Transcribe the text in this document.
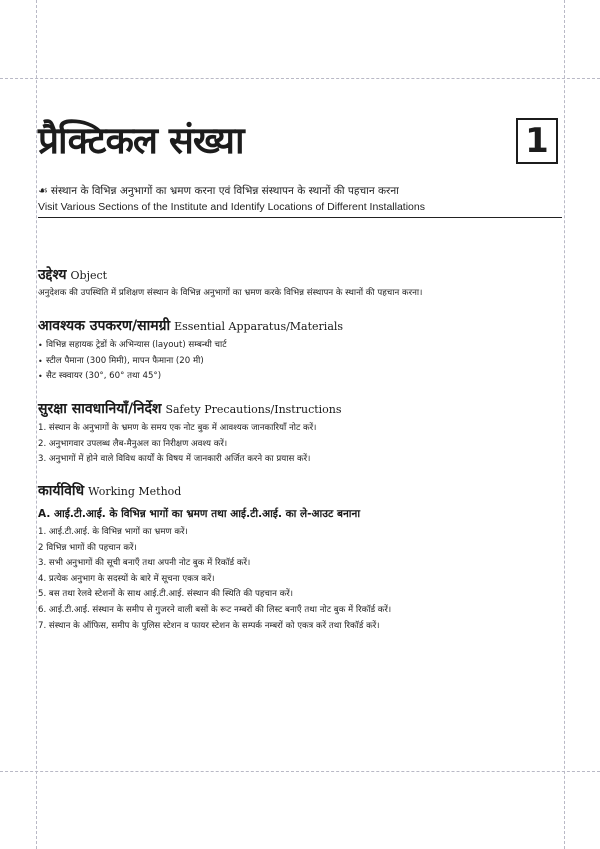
प्रैक्टिकल संख्या	1
☙ संस्थान के विभिन्न अनुभागों का भ्रमण करना एवं विभिन्न संस्थापन के स्थानों की पहचान करना
Visit Various Sections of the Institute and Identify Locations of Different Installations
उद्देश्य Object
अनुदेशक की उपस्थिति में प्रशिक्षण संस्थान के विभिन्न अनुभागों का भ्रमण करके विभिन्न संस्थापन के स्थानों की पहचान करना।
आवश्यक उपकरण/सामग्री Essential Apparatus/Materials
• विभिन्न सहायक ट्रेडों के अभिन्यास (layout) सम्बन्धी चार्ट
• स्टील पैमाना (300 मिमी), मापन फैमाना (20 मी)
• सैट स्क्वायर (30°, 60° तथा 45°)
सुरक्षा सावधानियाँ/निर्देश Safety Precautions/Instructions
1. संस्थान के अनुभागों के भ्रमण के समय एक नोट बुक में आवश्यक जानकारियाँ नोट करें।
2. अनुभागवार उपलब्ध लैब-मैनुअल का निरीक्षण अवश्य करें।
3. अनुभागों में होने वाले विविध कार्यों के विषय में जानकारी अर्जित करने का प्रयास करें।
कार्यविधि Working Method
A. आई.टी.आई. के विभिन्न भागों का भ्रमण तथा आई.टी.आई. का ले-आउट बनाना
1. आई.टी.आई. के विभिन्न भागों का भ्रमण करें।
2 विभिन्न भागों की पहचान करें।
3. सभी अनुभागों की सूची बनाएँ तथा अपनी नोट बुक में रिकॉर्ड करें।
4. प्रत्येक अनुभाग के सदस्यों के बारे में सूचना एकत्र करें।
5. बस तथा रेलवे स्टेशनों के साथ आई.टी.आई. संस्थान की स्थिति की पहचान करें।
6. आई.टी.आई. संस्थान के समीप से गुजरने वाली बसों के रूट नम्बरों की लिस्ट बनाएँ तथा नोट बुक में रिकॉर्ड करें।
7. संस्थान के ऑफिस, समीप के पुलिस स्टेशन व फायर स्टेशन के सम्पर्क नम्बरों को एकत्र करें तथा रिकॉर्ड करें।
